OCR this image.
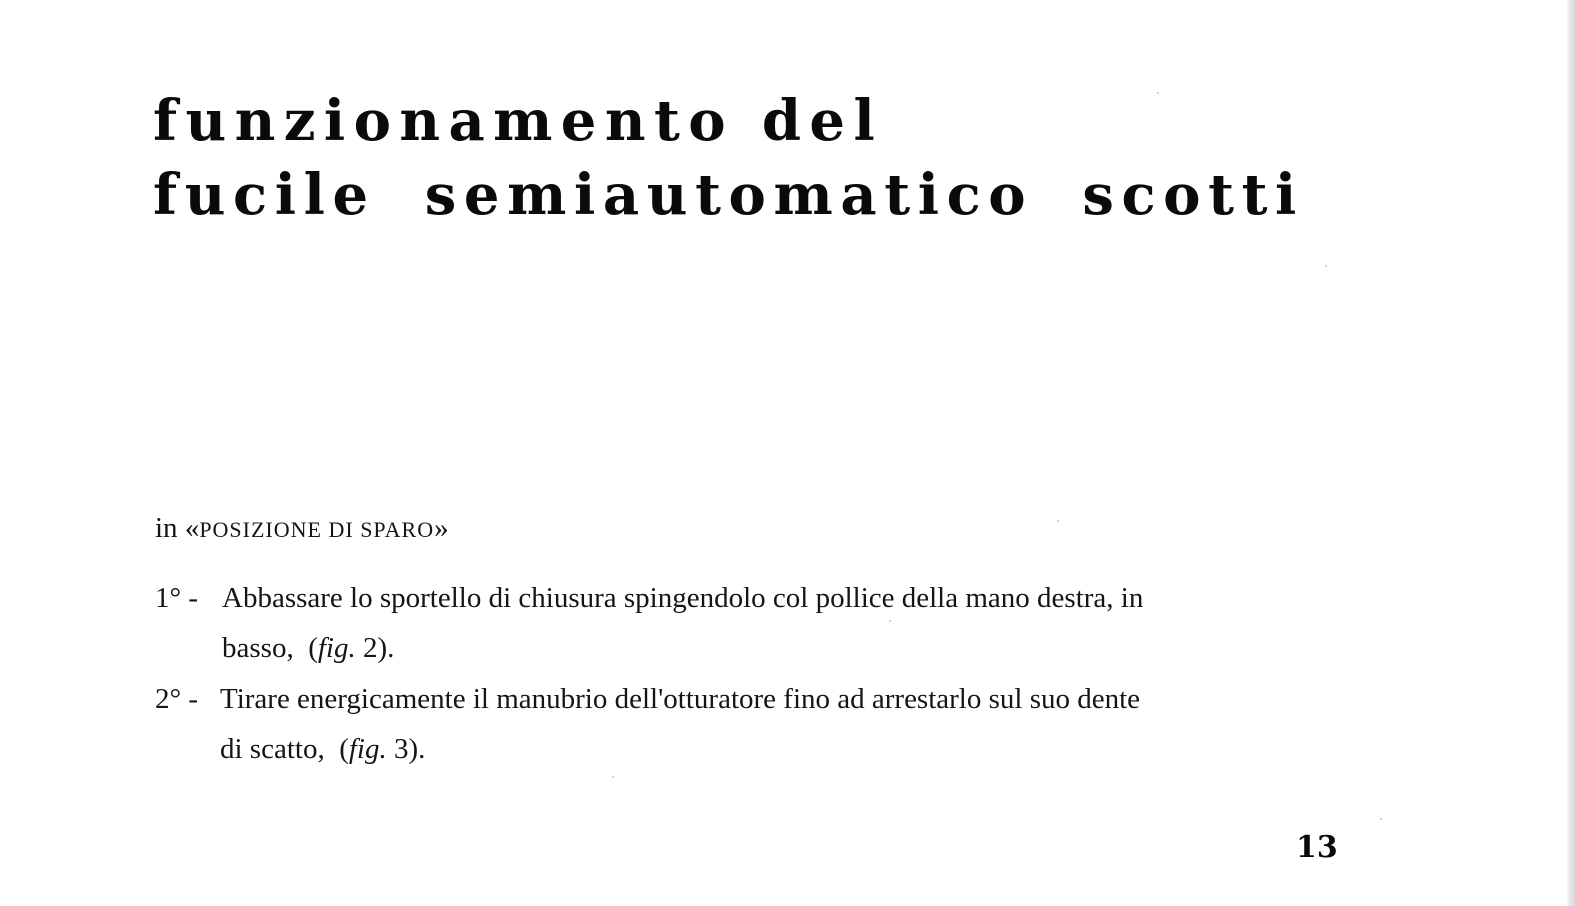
funzionamento del
fucile semiautomatico scotti

in «POSIZIONE DI SPARO»

1° - Abbassare lo sportello di chiusura spingendolo col pollice della mano destra, in
basso, (fig. 2).
2° - Tirare energicamente il manubrio dell'otturatore fino ad arrestarlo sul suo dente
di scatto, (fig. 3).

13
